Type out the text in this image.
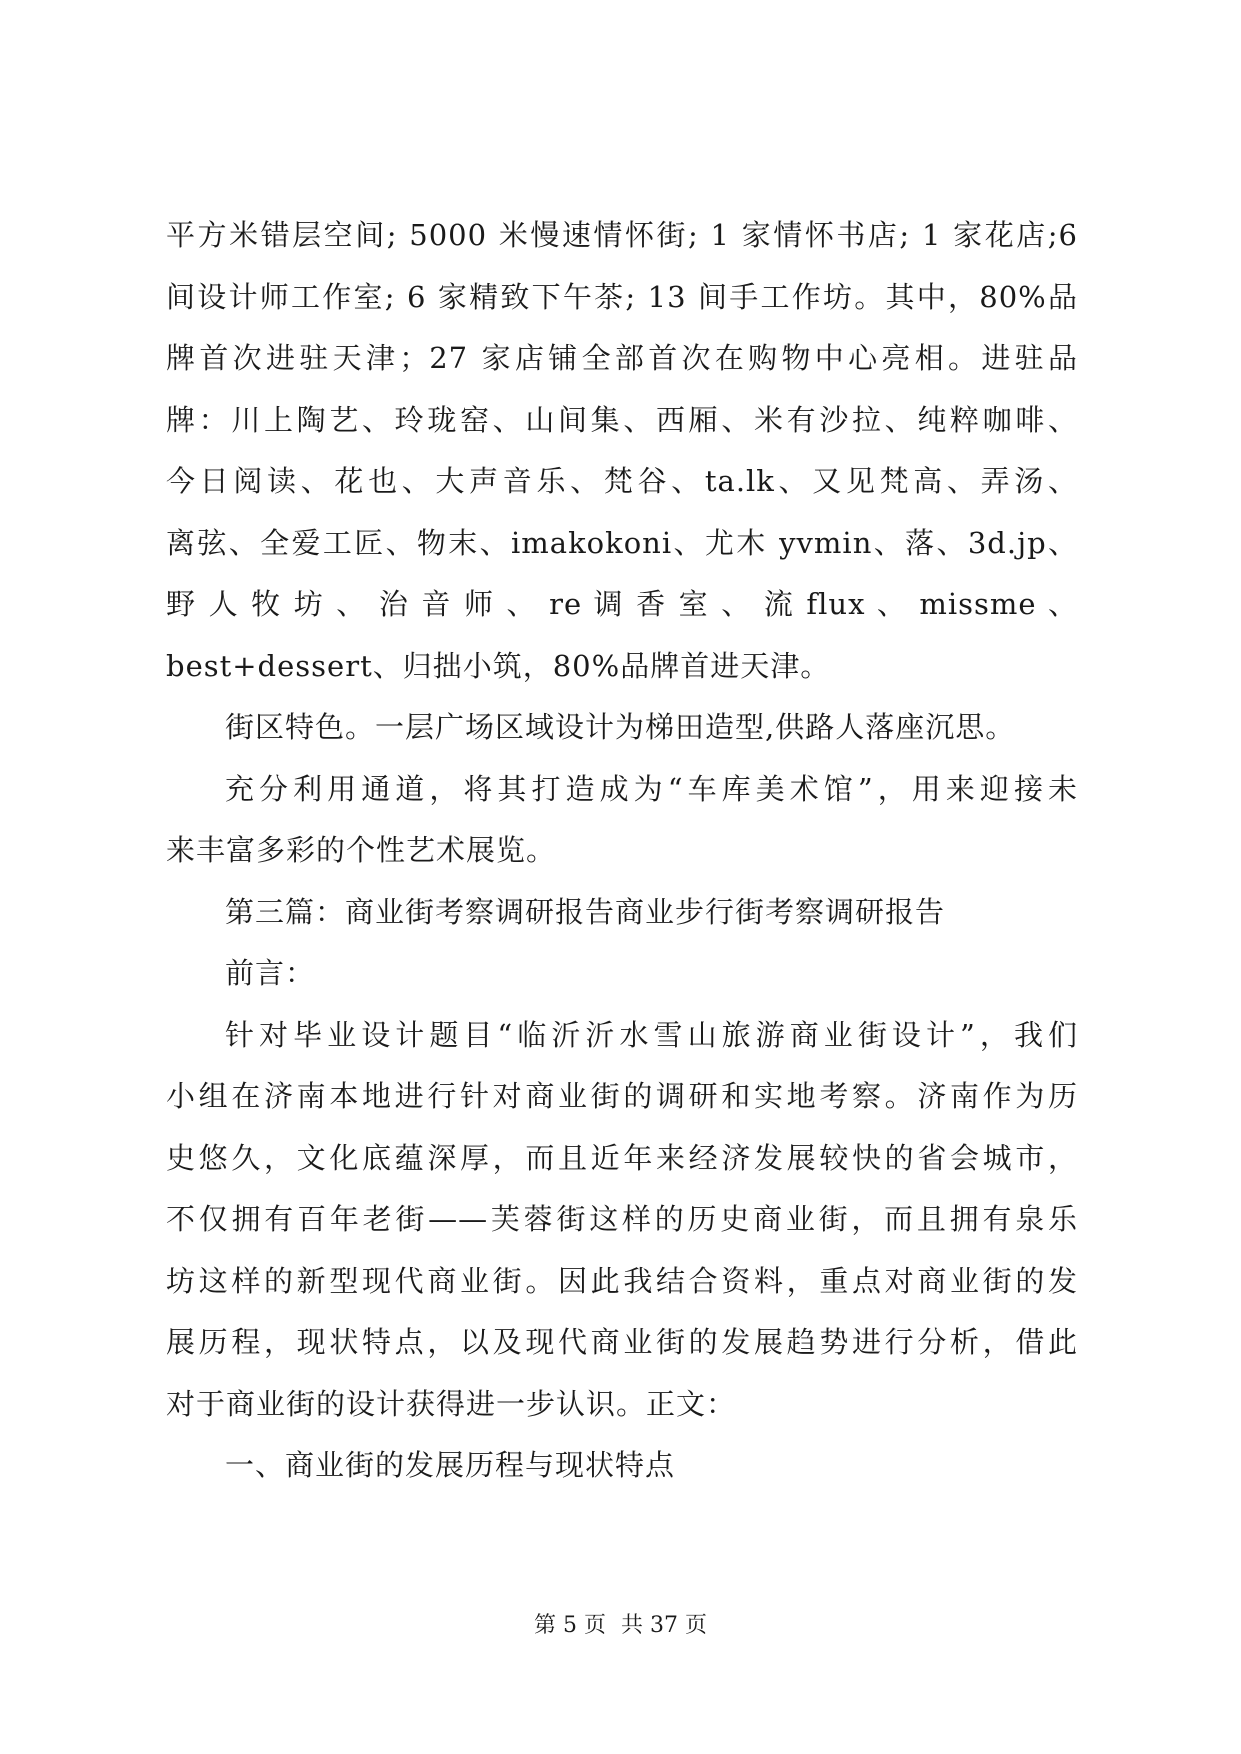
平方米错层空间; 5000 米慢速情怀街; 1 家情怀书店; 1 家花店;6
间设计师工作室; 6 家精致下午茶; 13 间手工作坊。其中，80%品
牌首次进驻天津；27 家店铺全部首次在购物中心亮相。进驻品
牌：川上陶艺、玲珑窑、山间集、西厢、米有沙拉、纯粹咖啡、
今日阅读、花也、大声音乐、梵谷、ta.lk、又见梵高、弄汤、
离弦、全爱工匠、物末、imakokoni、尤木 yvmin、落、3d.jp、
野 人 牧 坊 、 治 音 师 、 re 调 香 室 、 流 flux 、 missme 、
best+dessert、归拙小筑，80%品牌首进天津。

街区特色。一层广场区域设计为梯田造型,供路人落座沉思。

充分利用通道，将其打造成为“车库美术馆”，用来迎接未
来丰富多彩的个性艺术展览。

第三篇：商业街考察调研报告商业步行街考察调研报告

前言：

针对毕业设计题目“临沂沂水雪山旅游商业街设计”，我们
小组在济南本地进行针对商业街的调研和实地考察。济南作为历
史悠久，文化底蕴深厚，而且近年来经济发展较快的省会城市，
不仅拥有百年老街——芙蓉街这样的历史商业街，而且拥有泉乐
坊这样的新型现代商业街。因此我结合资料，重点对商业街的发
展历程，现状特点，以及现代商业街的发展趋势进行分析，借此
对于商业街的设计获得进一步认识。正文：

一、商业街的发展历程与现状特点

第 5 页 共 37 页
